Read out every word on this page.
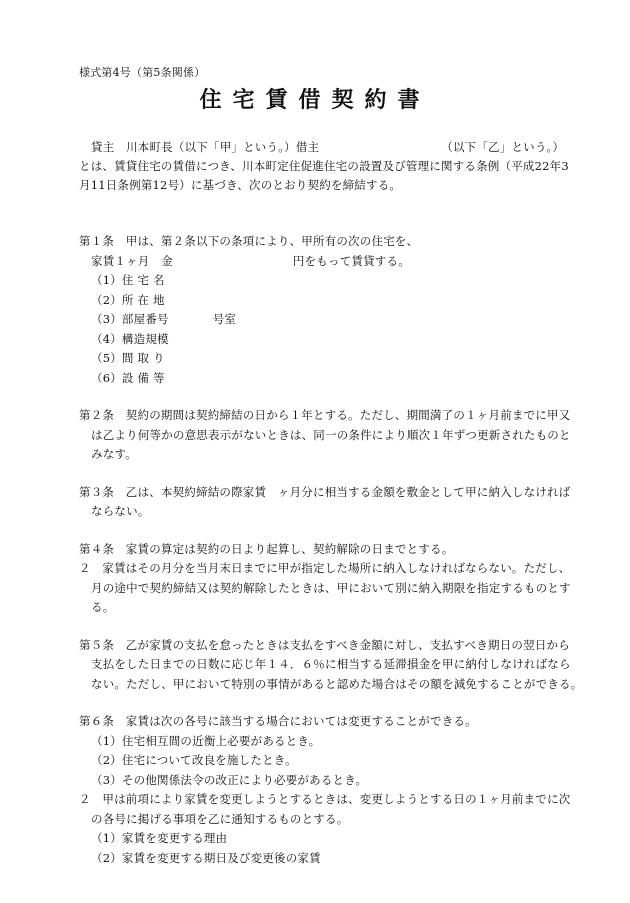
様式第4号（第5条関係）
住宅賃借契約書
貸主　川本町長（以下「甲」という。）借主	（以下「乙」という。）
とは、賃貸住宅の賃借につき、川本町定住促進住宅の設置及び管理に関する条例（平成22年3
月11日条例第12号）に基づき、次のとおり契約を締結する。
第１条　甲は、第２条以下の条項により、甲所有の次の住宅を、
家賃１ヶ月　金	円をもって賃貸する。
（1）住 宅 名
（2）所 在 地
（3）部屋番号	号室
（4）構造規模
（5）間 取 り
（6）設 備 等
第２条　契約の期間は契約締結の日から１年とする。ただし、期間満了の１ヶ月前までに甲又
は乙より何等かの意思表示がないときは、同一の条件により順次１年ずつ更新されたものと
みなす。
第３条　乙は、本契約締結の際家賃　ヶ月分に相当する金額を敷金として甲に納入しなければ
ならない。
第４条　家賃の算定は契約の日より起算し、契約解除の日までとする。
２　家賃はその月分を当月末日までに甲が指定した場所に納入しなければならない。ただし、
月の途中で契約締結又は契約解除したときは、甲において別に納入期限を指定するものとす
る。
第５条　乙が家賃の支払を怠ったときは支払をすべき金額に対し、支払すべき期日の翌日から
支払をした日までの日数に応じ年１４．６％に相当する延滞損金を甲に納付しなければなら
ない。ただし、甲において特別の事情があると認めた場合はその額を減免することができる。
第６条　家賃は次の各号に該当する場合においては変更することができる。
（1）住宅相互間の近衡上必要があるとき。
（2）住宅について改良を施したとき。
（3）その他関係法令の改正により必要があるとき。
２　甲は前項により家賃を変更しようとするときは、変更しようとする日の１ヶ月前までに次
の各号に掲げる事項を乙に通知するものとする。
（1）家賃を変更する理由
（2）家賃を変更する期日及び変更後の家賃
